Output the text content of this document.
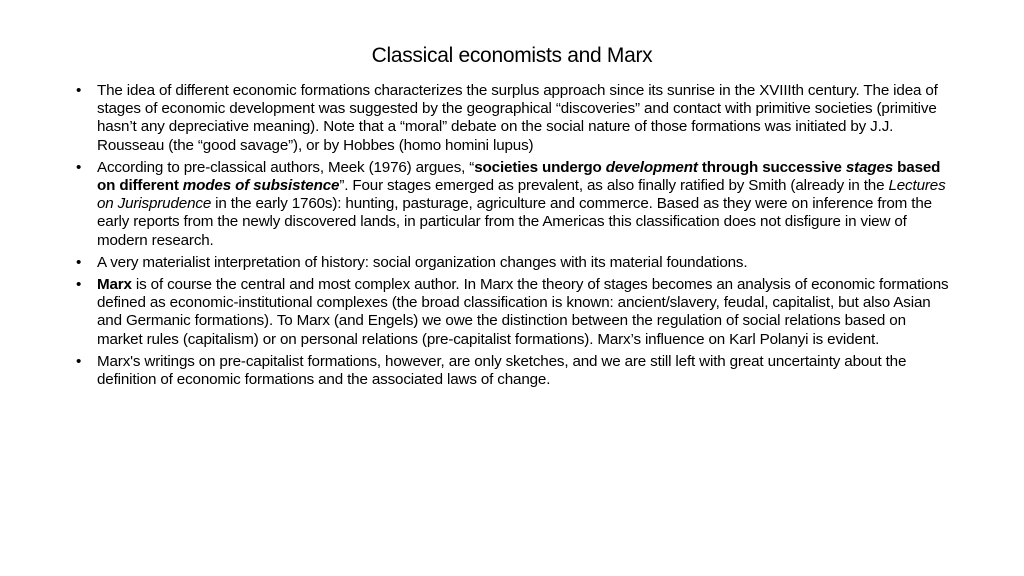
Classical economists and Marx
• The idea of different economic formations characterizes the surplus approach since its sunrise in the XVIIIth century. The idea of stages of economic development was suggested by the geographical “discoveries” and contact with primitive societies (primitive hasn’t any depreciative meaning). Note that a “moral” debate on the social nature of those formations was initiated by J.J. Rousseau (the “good savage”), or by Hobbes (homo homini lupus)
• According to pre-classical authors, Meek (1976) argues, “societies undergo development through successive stages based on different modes of subsistence”. Four stages emerged as prevalent, as also finally ratified by Smith (already in the Lectures on Jurisprudence in the early 1760s): hunting, pasturage, agriculture and commerce. Based as they were on inference from the early reports from the newly discovered lands, in particular from the Americas this classification does not disfigure in view of modern research.
• A very materialist interpretation of history: social organization changes with its material foundations.
• Marx is of course the central and most complex author. In Marx the theory of stages becomes an analysis of economic formations defined as economic-institutional complexes (the broad classification is known: ancient/slavery, feudal, capitalist, but also Asian and Germanic formations). To Marx (and Engels) we owe the distinction between the regulation of social relations based on market rules (capitalism) or on personal relations (pre-capitalist formations). Marx’s influence on Karl Polanyi is evident.
• Marx's writings on pre-capitalist formations, however, are only sketches, and we are still left with great uncertainty about the definition of economic formations and the associated laws of change.
